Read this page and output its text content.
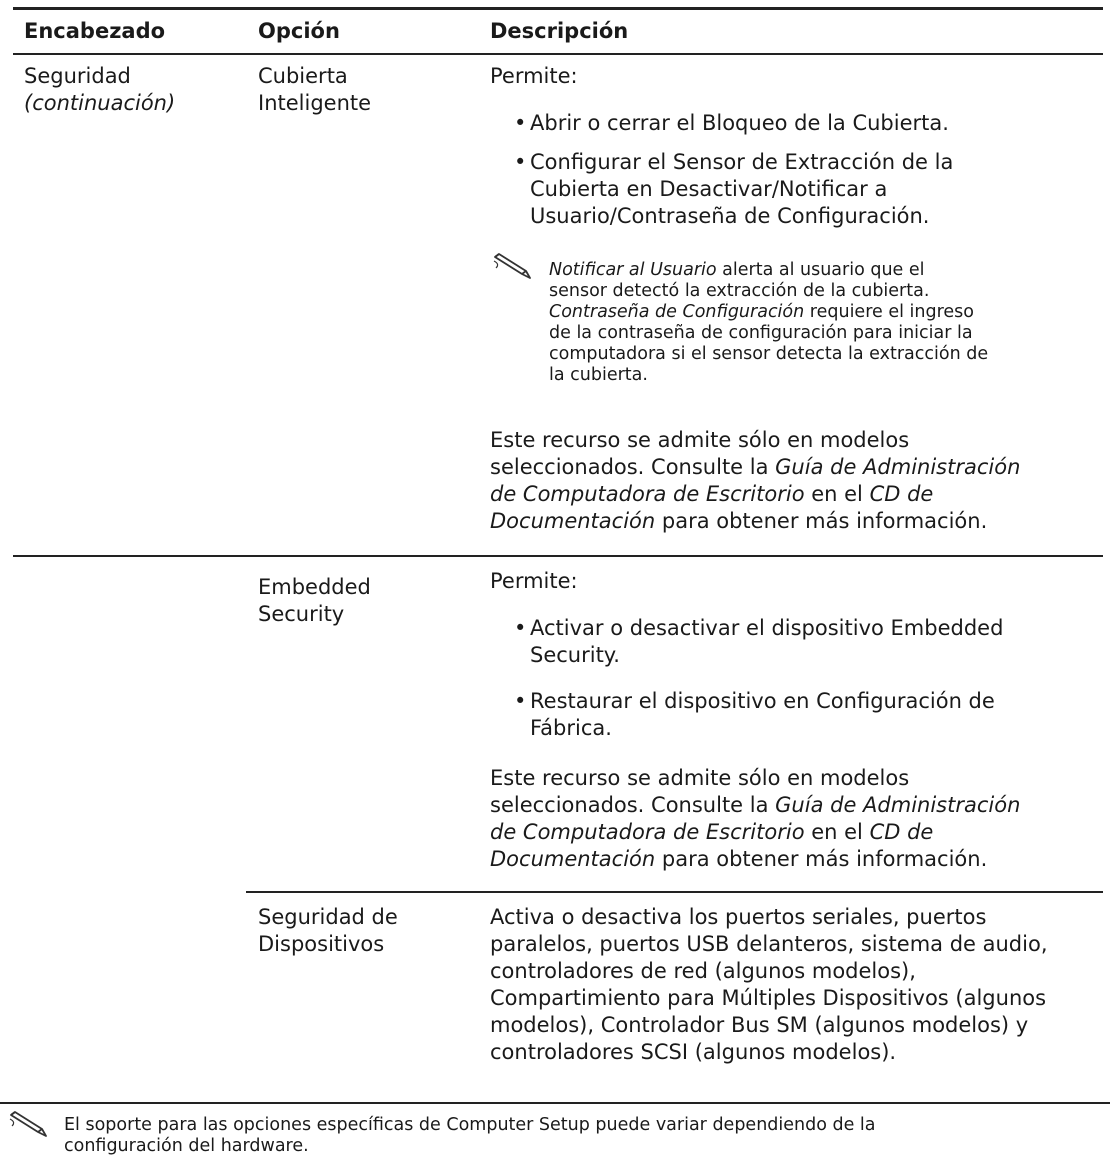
Encabezado	Opción	Descripción

Seguridad

(continuación)

Cubierta

Inteligente

Permite:

• Abrir o cerrar el Bloqueo de la Cubierta.
• Configurar el Sensor de Extracción de la

Cubierta en Desactivar/Notificar a

Usuario/Contraseña de Configuración.

Notificar al Usuario alerta al usuario que el
sensor detectó la extracción de la cubierta.
Contraseña de Configuración requiere el ingreso
de la contraseña de configuración para iniciar la
computadora si el sensor detecta la extracción de
la cubierta.

Este recurso se admite sólo en modelos

seleccionados. Consulte la Guía de Administración

de Computadora de Escritorio en el CD de

Documentación para obtener más información.

Embedded

Security

Permite:

• Activar o desactivar el dispositivo Embedded

Security.

• Restaurar el dispositivo en Configuración de

Fábrica.

Este recurso se admite sólo en modelos

seleccionados. Consulte la Guía de Administración

de Computadora de Escritorio en el CD de

Documentación para obtener más información.

Seguridad de

Dispositivos

Activa o desactiva los puertos seriales, puertos

paralelos, puertos USB delanteros, sistema de audio,

controladores de red (algunos modelos),

Compartimiento para Múltiples Dispositivos (algunos

modelos), Controlador Bus SM (algunos modelos) y

controladores SCSI (algunos modelos).

El soporte para las opciones específicas de Computer Setup puede variar dependiendo de la
configuración del hardware.
